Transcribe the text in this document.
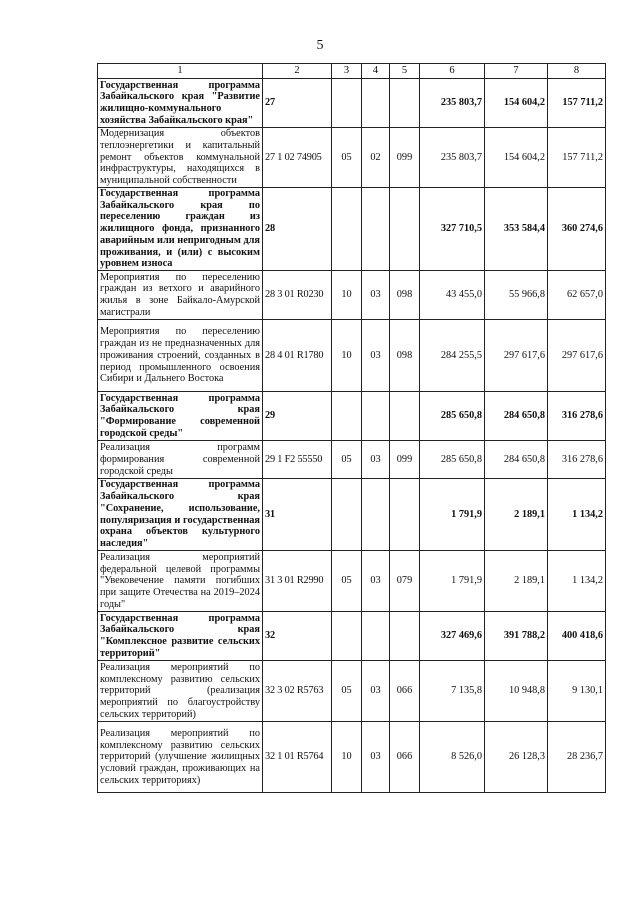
5
1	2	3	4	5	6	7	8
Государственная программа Забайкальского края "Развитие жилищно-коммунального хозяйства Забайкальского края"	27				235 803,7	154 604,2	157 711,2
Модернизация объектов теплоэнергетики и капитальный ремонт объектов коммунальной инфраструктуры, находящихся в муниципальной собственности	27 1 02 74905	05	02	099	235 803,7	154 604,2	157 711,2
Государственная программа Забайкальского края по переселению граждан из жилищного фонда, признанного аварийным или непригодным для проживания, и (или) с высоким уровнем износа	28				327 710,5	353 584,4	360 274,6
Мероприятия по переселению граждан из ветхого и аварийного жилья в зоне Байкало-Амурской магистрали	28 3 01 R0230	10	03	098	43 455,0	55 966,8	62 657,0
Мероприятия по переселению граждан из не предназначенных для проживания строений, созданных в период промышленного освоения Сибири и Дальнего Востока	28 4 01 R1780	10	03	098	284 255,5	297 617,6	297 617,6
Государственная программа Забайкальского края "Формирование современной городской среды"	29				285 650,8	284 650,8	316 278,6
Реализация программ формирования современной городской среды	29 1 F2 55550	05	03	099	285 650,8	284 650,8	316 278,6
Государственная программа Забайкальского края "Сохранение, использование, популяризация и государственная охрана объектов культурного наследия"	31				1 791,9	2 189,1	1 134,2
Реализация мероприятий федеральной целевой программы "Увековечение памяти погибших при защите Отечества на 2019–2024 годы"	31 3 01 R2990	05	03	079	1 791,9	2 189,1	1 134,2
Государственная программа Забайкальского края "Комплексное развитие сельских территорий"	32				327 469,6	391 788,2	400 418,6
Реализация мероприятий по комплексному развитию сельских территорий (реализация мероприятий по благоустройству сельских территорий)	32 3 02 R5763	05	03	066	7 135,8	10 948,8	9 130,1
Реализация мероприятий по комплексному развитию сельских территорий (улучшение жилищных условий граждан, проживающих на сельских территориях)	32 1 01 R5764	10	03	066	8 526,0	26 128,3	28 236,7
